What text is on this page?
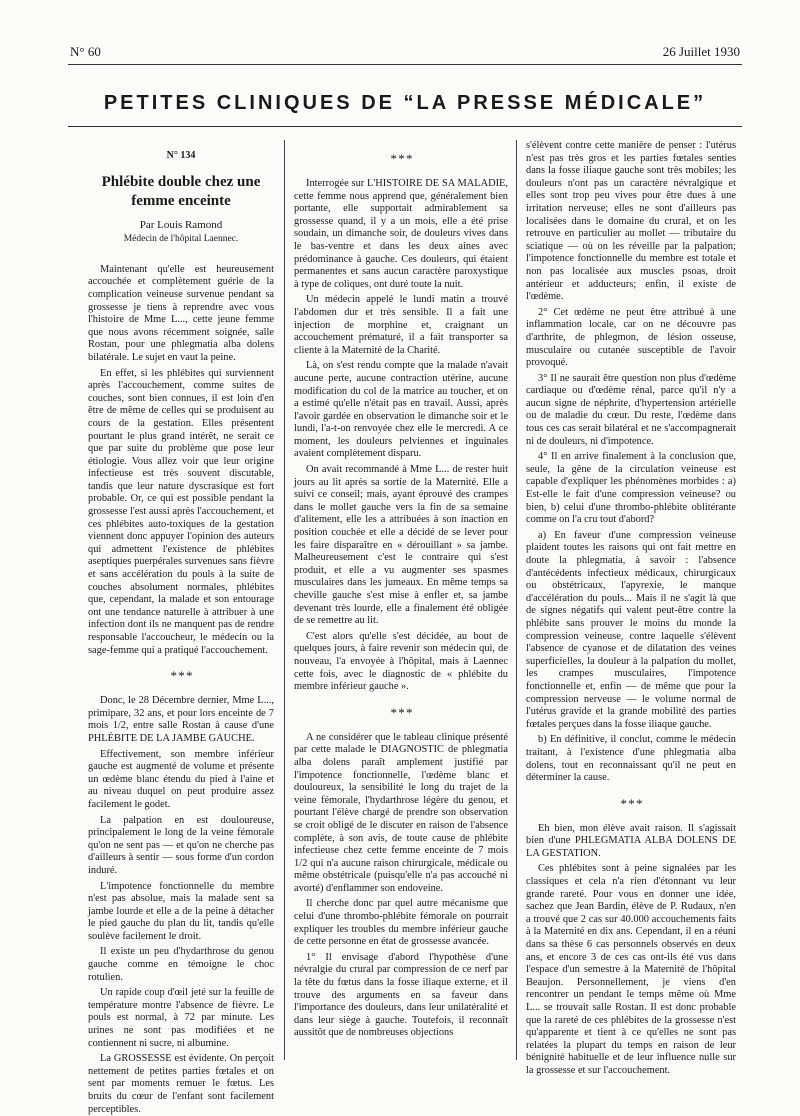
N° 60	26 Juillet 1930
PETITES CLINIQUES DE “LA PRESSE MÉDICALE”

N° 134

Phlébite double chez une femme enceinte

Par Louis Ramond

Médecin de l'hôpital Laennec.

Maintenant qu'elle est heureusement accouchée et complètement guérie de la complication veineuse survenue pendant sa grossesse je tiens à reprendre avec vous l'histoire de Mme L..., cette jeune femme que nous avons récemment soignée, salle Rostan, pour une phlegmatia alba dolens bilatérale. Le sujet en vaut la peine.

En effet, si les phlébites qui surviennent après l'accouchement, comme suites de couches, sont bien connues, il est loin d'en être de même de celles qui se produisent au cours de la gestation. Elles présentent pourtant le plus grand intérêt, ne serait ce que par suite du problème que pose leur étiologie. Vous allez voir que leur origine infectieuse est très souvent discutable, tandis que leur nature dyscrasique est fort probable. Or, ce qui est possible pendant la grossesse l'est aussi après l'accouchement, et ces phlébites auto-toxiques de la gestation viennent donc appuyer l'opinion des auteurs qui admettent l'existence de phlébites aseptiques puerpérales survenues sans fièvre et sans accélération du pouls à la suite de couches absolument normales, phlébites que, cependant, la malade et son entourage ont une tendance naturelle à attribuer à une infection dont ils ne manquent pas de rendre responsable l'accoucheur, le médecin ou la sage-femme qui a pratiqué l'accouchement.

* * *

Donc, le 28 Décembre dernier, Mme L..., primipare, 32 ans, et pour lors enceinte de 7 mois 1/2, entre salle Rostan à cause d'une PHLÉBITE DE LA JAMBE GAUCHE.

Effectivement, son membre inférieur gauche est augmenté de volume et présente un œdème blanc étendu du pied à l'aine et au niveau duquel on peut produire assez facilement le godet.

La palpation en est douloureuse, principalement le long de la veine fémorale qu'on ne sent pas — et qu'on ne cherche pas d'ailleurs à sentir — sous forme d'un cordon induré.

L'impotence fonctionnelle du membre n'est pas absolue, mais la malade sent sa jambe lourde et elle a de la peine à détacher le pied gauche du plan du lit, tandis qu'elle soulève facilement le droit.

Il existe un peu d'hydarthrose du genou gauche comme en témoigne le choc rotulien.

Un rapide coup d'œil jeté sur la feuille de température montre l'absence de fièvre. Le pouls est normal, à 72 par minute. Les urines ne sont pas modifiées et ne contiennent ni sucre, ni albumine.

La GROSSESSE est évidente. On perçoit nettement de petites parties fœtales et on sent par moments remuer le fœtus. Les bruits du cœur de l'enfant sont facilement perceptibles.

* * *

Interrogée sur L'HISTOIRE DE SA MALADIE, cette femme nous apprend que, généralement bien portante, elle supportait admirablement sa grossesse quand, il y a un mois, elle a été prise soudain, un dimanche soir, de douleurs vives dans le bas-ventre et dans les deux aines avec prédominance à gauche. Ces douleurs, qui étaient permanentes et sans aucun caractère paroxystique à type de coliques, ont duré toute la nuit.

Un médecin appelé le lundi matin a trouvé l'abdomen dur et très sensible. Il a fait une injection de morphine et, craignant un accouchement prématuré, il a fait transporter sa cliente à la Maternité de la Charité.

Là, on s'est rendu compte que la malade n'avait aucune perte, aucune contraction utérine, aucune modification du col de la matrice au toucher, et on a estimé qu'elle n'était pas en travail. Aussi, après l'avoir gardée en observation le dimanche soir et le lundi, l'a-t-on renvoyée chez elle le mercredi. A ce moment, les douleurs pelviennes et inguinales avaient complètement disparu.

On avait recommandé à Mme L... de rester huit jours au lit après sa sortie de la Maternité. Elle a suivi ce conseil; mais, ayant éprouvé des crampes dans le mollet gauche vers la fin de sa semaine d'alitement, elle les a attribuées à son inaction en position couchée et elle a décidé de se lever pour les faire disparaître en « dérouillant » sa jambe. Malheureusement c'est le contraire qui s'est produit, et elle a vu augmenter ses spasmes musculaires dans les jumeaux. En même temps sa cheville gauche s'est mise à enfler et, sa jambe devenant très lourde, elle a finalement été obligée de se remettre au lit.

C'est alors qu'elle s'est décidée, au bout de quelques jours, à faire revenir son médecin qui, de nouveau, l'a envoyée à l'hôpital, mais à Laennec cette fois, avec le diagnostic de « phlébite du membre inférieur gauche ».

* * *

A ne considérer que le tableau clinique présenté par cette malade le DIAGNOSTIC de phlegmatia alba dolens paraît amplement justifié par l'impotence fonctionnelle, l'œdème blanc et douloureux, la sensibilité le long du trajet de la veine fémorale, l'hydarthrose légère du genou, et pourtant l'élève chargé de prendre son observation se croit obligé de le discuter en raison de l'absence complète, à son avis, de toute cause de phlébite infectieuse chez cette femme enceinte de 7 mois 1/2 qui n'a aucune raison chirurgicale, médicale ou même obstétricale (puisqu'elle n'a pas accouché ni avorté) d'enflammer son endoveine.

Il cherche donc par quel autre mécanisme que celui d'une thrombo-phlébite fémorale on pourrait expliquer les troubles du membre inférieur gauche de cette personne en état de grossesse avancée.

1° Il envisage d'abord l'hypothèse d'une névralgie du crural par compression de ce nerf par la tête du fœtus dans la fosse iliaque externe, et il trouve des arguments en sa faveur dans l'importance des douleurs, dans leur unilatéralité et dans leur siège à gauche. Toutefois, il reconnaît aussitôt que de nombreuses objections

s'élèvent contre cette manière de penser : l'utérus n'est pas très gros et les parties fœtales senties dans la fosse iliaque gauche sont très mobiles; les douleurs n'ont pas un caractère névralgique et elles sont trop peu vives pour être dues à une irritation nerveuse; elles ne sont d'ailleurs pas localisées dans le domaine du crural, et on les retrouve en particulier au mollet — tributaire du sciatique — où on les réveille par la palpation; l'impotence fonctionnelle du membre est totale et non pas localisée aux muscles psoas, droit antérieur et adducteurs; enfin, il existe de l'œdème.

2° Cet œdème ne peut être attribué à une inflammation locale, car on ne découvre pas d'arthrite, de phlegmon, de lésion osseuse, musculaire ou cutanée susceptible de l'avoir provoqué.

3° Il ne saurait être question non plus d'œdème cardiaque ou d'œdème rénal, parce qu'il n'y a aucun signe de néphrite, d'hypertension artérielle ou de maladie du cœur. Du reste, l'œdème dans tous ces cas serait bilatéral et ne s'accompagnerait ni de douleurs, ni d'impotence.

4° Il en arrive finalement à la conclusion que, seule, la gêne de la circulation veineuse est capable d'expliquer les phénomènes morbides : a) Est-elle le fait d'une compression veineuse? ou bien, b) celui d'une thrombo-phlébite oblitérante comme on l'a cru tout d'abord?

a) En faveur d'une compression veineuse plaident toutes les raisons qui ont fait mettre en doute la phlegmatia, à savoir : l'absence d'antécédents infectieux médicaux, chirurgicaux ou obstétricaux, l'apyrexie, le manque d'accélération du pouls... Mais il ne s'agit là que de signes négatifs qui valent peut-être contre la phlébite sans prouver le moins du monde la compression veineuse, contre laquelle s'élèvent l'absence de cyanose et de dilatation des veines superficielles, la douleur à la palpation du mollet, les crampes musculaires, l'impotence fonctionnelle et, enfin — de même que pour la compression nerveuse — le volume normal de l'utérus gravide et la grande mobilité des parties fœtales perçues dans la fosse iliaque gauche.

b) En définitive, il conclut, comme le médecin traitant, à l'existence d'une phlegmatia alba dolens, tout en reconnaissant qu'il ne peut en déterminer la cause.

* * *

Eh bien, mon élève avait raison. Il s'agissait bien d'une PHLEGMATIA ALBA DOLENS DE LA GESTATION.

Ces phlébites sont à peine signalées par les classiques et cela n'a rien d'étonnant vu leur grande rareté. Pour vous en donner une idée, sachez que Jean Bardin, élève de P. Rudaux, n'en a trouvé que 2 cas sur 40.000 accouchements faits à la Maternité en dix ans. Cependant, il en a réuni dans sa thèse 6 cas personnels observés en deux ans, et encore 3 de ces cas ont-ils été vus dans l'espace d'un semestre à la Maternité de l'hôpital Beaujon. Personnellement, je viens d'en rencontrer un pendant le temps même où Mme L... se trouvait salle Rostan. Il est donc probable que la rareté de ces phlébites de la grossesse n'est qu'apparente et tient à ce qu'elles ne sont pas relatées la plupart du temps en raison de leur bénignité habituelle et de leur influence nulle sur la grossesse et sur l'accouchement.
